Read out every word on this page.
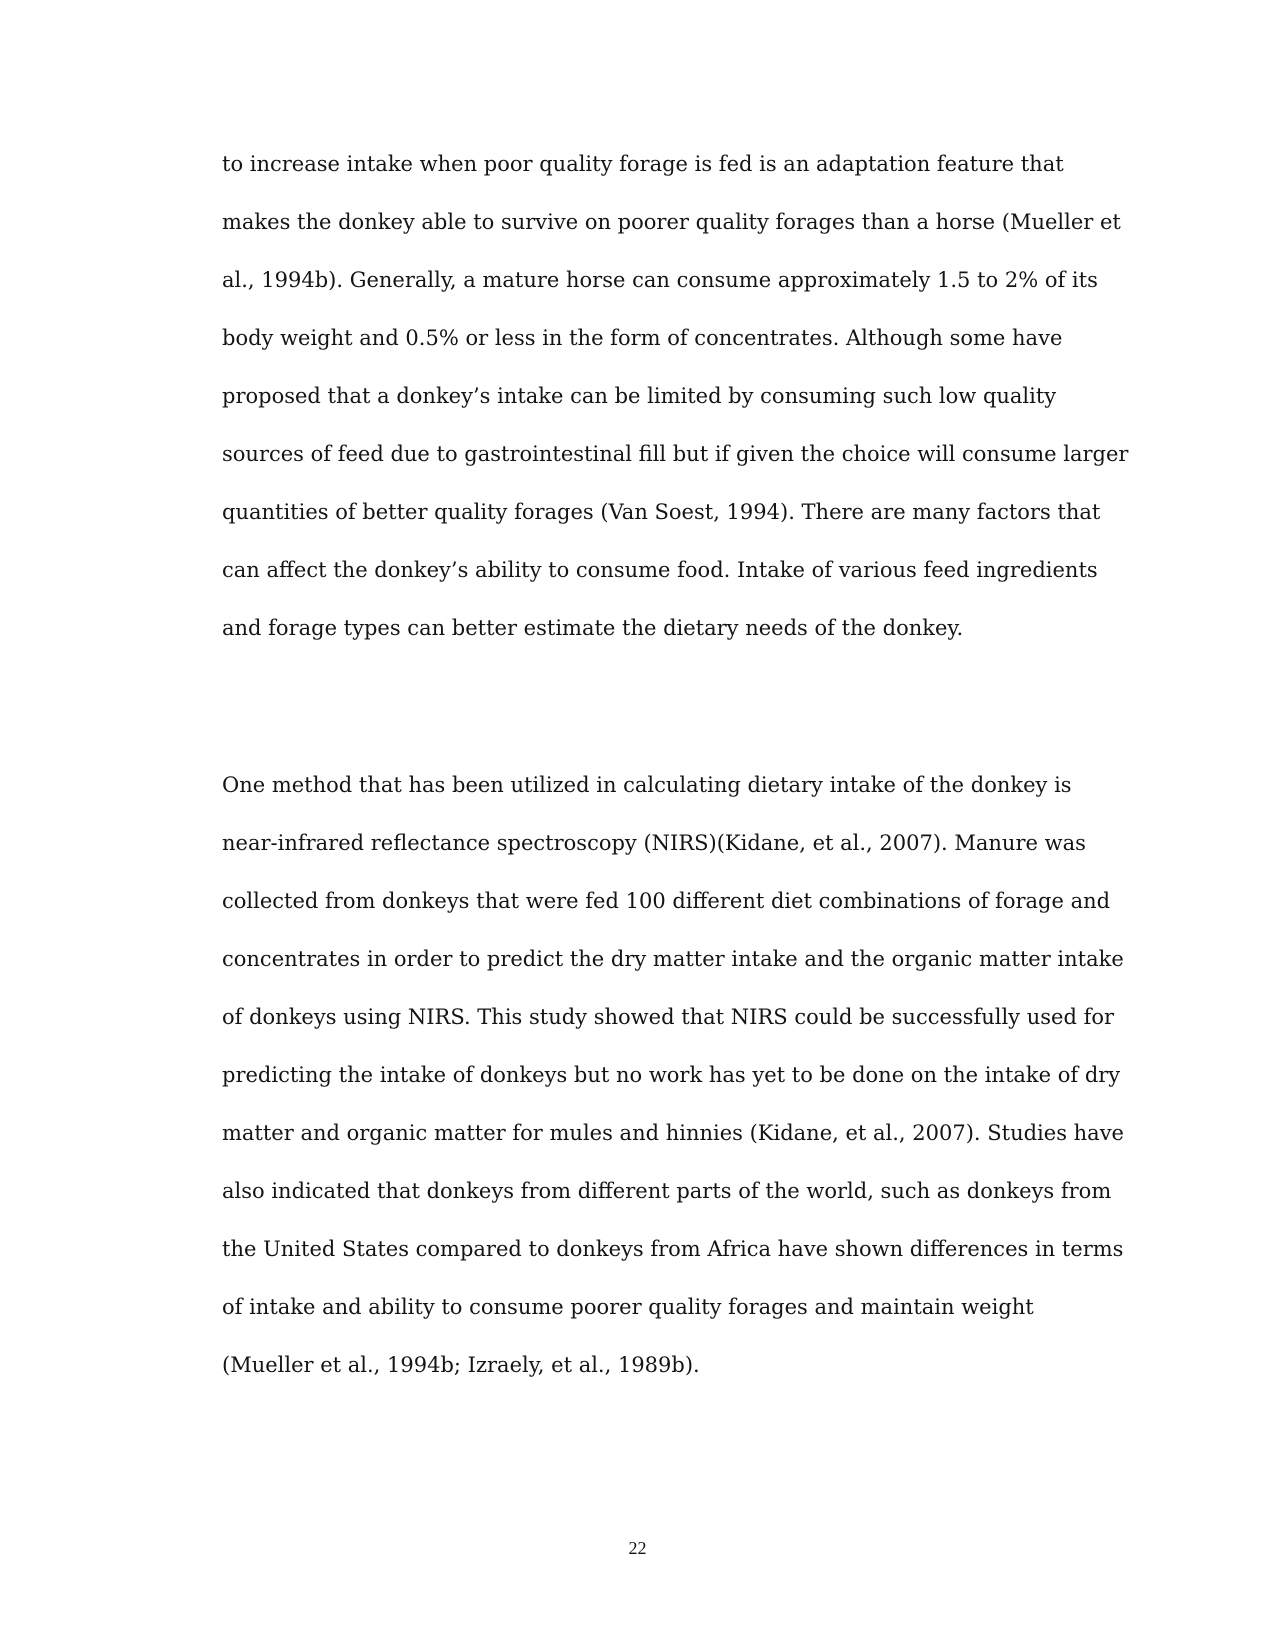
to increase intake when poor quality forage is fed is an adaptation feature that
makes the donkey able to survive on poorer quality forages than a horse (Mueller et
al., 1994b). Generally, a mature horse can consume approximately 1.5 to 2% of its
body weight and 0.5% or less in the form of concentrates. Although some have
proposed that a donkey’s intake can be limited by consuming such low quality
sources of feed due to gastrointestinal fill but if given the choice will consume larger
quantities of better quality forages (Van Soest, 1994). There are many factors that
can affect the donkey’s ability to consume food. Intake of various feed ingredients
and forage types can better estimate the dietary needs of the donkey.
One method that has been utilized in calculating dietary intake of the donkey is
near-infrared reflectance spectroscopy (NIRS)(Kidane, et al., 2007). Manure was
collected from donkeys that were fed 100 different diet combinations of forage and
concentrates in order to predict the dry matter intake and the organic matter intake
of donkeys using NIRS. This study showed that NIRS could be successfully used for
predicting the intake of donkeys but no work has yet to be done on the intake of dry
matter and organic matter for mules and hinnies (Kidane, et al., 2007). Studies have
also indicated that donkeys from different parts of the world, such as donkeys from
the United States compared to donkeys from Africa have shown differences in terms
of intake and ability to consume poorer quality forages and maintain weight
(Mueller et al., 1994b; Izraely, et al., 1989b).
22
